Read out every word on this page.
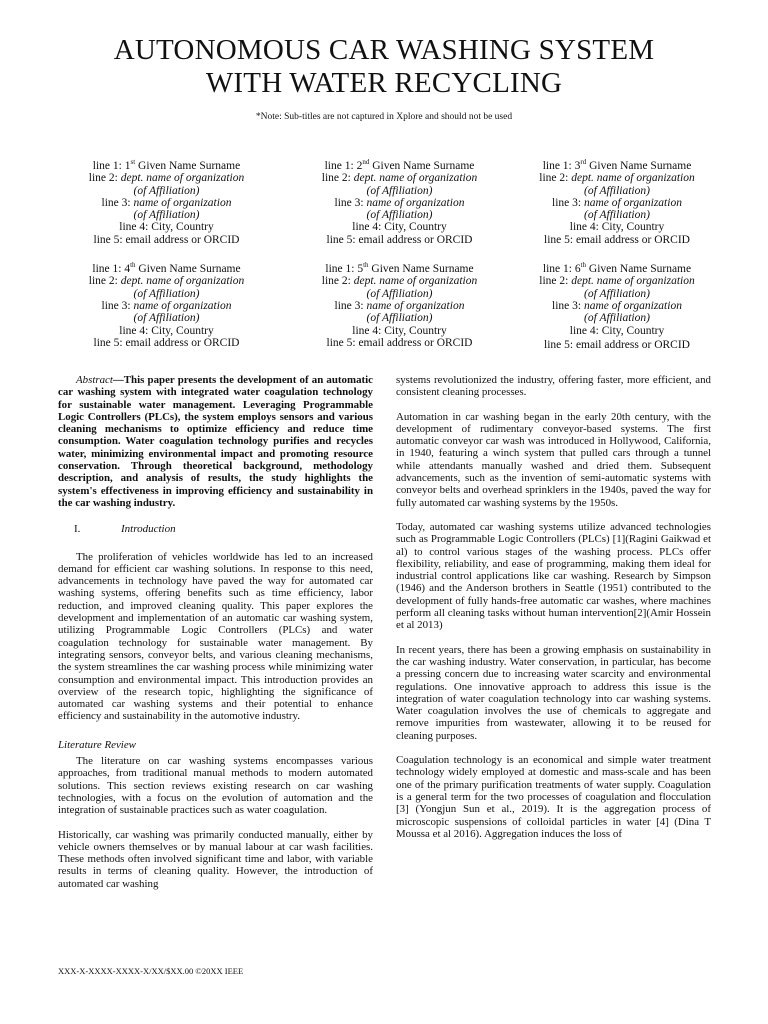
AUTONOMOUS CAR WASHING SYSTEM
WITH WATER RECYCLING
*Note: Sub-titles are not captured in Xplore and should not be used
line 1: 1st Given Name Surname
line 2: dept. name of organization
(of Affiliation)
line 3: name of organization
(of Affiliation)
line 4: City, Country
line 5: email address or ORCID
line 1: 2nd Given Name Surname
line 2: dept. name of organization
(of Affiliation)
line 3: name of organization
(of Affiliation)
line 4: City, Country
line 5: email address or ORCID
line 1: 3rd Given Name Surname
line 2: dept. name of organization
(of Affiliation)
line 3: name of organization
(of Affiliation)
line 4: City, Country
line 5: email address or ORCID
line 1: 4th Given Name Surname
line 2: dept. name of organization
(of Affiliation)
line 3: name of organization
(of Affiliation)
line 4: City, Country
line 5: email address or ORCID
line 1: 5th Given Name Surname
line 2: dept. name of organization
(of Affiliation)
line 3: name of organization
(of Affiliation)
line 4: City, Country
line 5: email address or ORCID
line 1: 6th Given Name Surname
line 2: dept. name of organization
(of Affiliation)
line 3: name of organization
(of Affiliation)
line 4: City, Country
line 5: email address or ORCID

Abstract—This paper presents the development of an automatic car washing system with integrated water coagulation technology for sustainable water management. Leveraging Programmable Logic Controllers (PLCs), the system employs sensors and various cleaning mechanisms to optimize efficiency and reduce time consumption. Water coagulation technology purifies and recycles water, minimizing environmental impact and promoting resource conservation. Through theoretical background, methodology description, and analysis of results, the study highlights the system's effectiveness in improving efficiency and sustainability in the car washing industry.

I.	Introduction

The proliferation of vehicles worldwide has led to an increased demand for efficient car washing solutions. In response to this need, advancements in technology have paved the way for automated car washing systems, offering benefits such as time efficiency, labor reduction, and improved cleaning quality. This paper explores the development and implementation of an automatic car washing system, utilizing Programmable Logic Controllers (PLCs) and water coagulation technology for sustainable water management. By integrating sensors, conveyor belts, and various cleaning mechanisms, the system streamlines the car washing process while minimizing water consumption and environmental impact. This introduction provides an overview of the research topic, highlighting the significance of automated car washing systems and their potential to enhance efficiency and sustainability in the automotive industry.

Literature Review

The literature on car washing systems encompasses various approaches, from traditional manual methods to modern automated solutions. This section reviews existing research on car washing technologies, with a focus on the evolution of automation and the integration of sustainable practices such as water coagulation.

Historically, car washing was primarily conducted manually, either by vehicle owners themselves or by manual labour at car wash facilities. These methods often involved significant time and labor, with variable results in terms of cleaning quality. However, the introduction of automated car washing

systems revolutionized the industry, offering faster, more efficient, and consistent cleaning processes.

Automation in car washing began in the early 20th century, with the development of rudimentary conveyor-based systems. The first automatic conveyor car wash was introduced in Hollywood, California, in 1940, featuring a winch system that pulled cars through a tunnel while attendants manually washed and dried them. Subsequent advancements, such as the invention of semi-automatic systems with conveyor belts and overhead sprinklers in the 1940s, paved the way for fully automated car washing systems by the 1950s.

Today, automated car washing systems utilize advanced technologies such as Programmable Logic Controllers (PLCs) [1](Ragini Gaikwad et al) to control various stages of the washing process. PLCs offer flexibility, reliability, and ease of programming, making them ideal for industrial control applications like car washing. Research by Simpson (1946) and the Anderson brothers in Seattle (1951) contributed to the development of fully hands-free automatic car washes, where machines perform all cleaning tasks without human intervention[2](Amir Hossein et al 2013)

In recent years, there has been a growing emphasis on sustainability in the car washing industry. Water conservation, in particular, has become a pressing concern due to increasing water scarcity and environmental regulations. One innovative approach to address this issue is the integration of water coagulation technology into car washing systems. Water coagulation involves the use of chemicals to aggregate and remove impurities from wastewater, allowing it to be reused for cleaning purposes.

Coagulation technology is an economical and simple water treatment technology widely employed at domestic and mass-scale and has been one of the primary purification treatments of water supply. Coagulation is a general term for the two processes of coagulation and flocculation [3] (Yongjun Sun et al., 2019). It is the aggregation process of microscopic suspensions of colloidal particles in water [4] (Dina T Moussa et al 2016). Aggregation induces the loss of

XXX-X-XXXX-XXXX-X/XX/$XX.00 ©20XX IEEE
